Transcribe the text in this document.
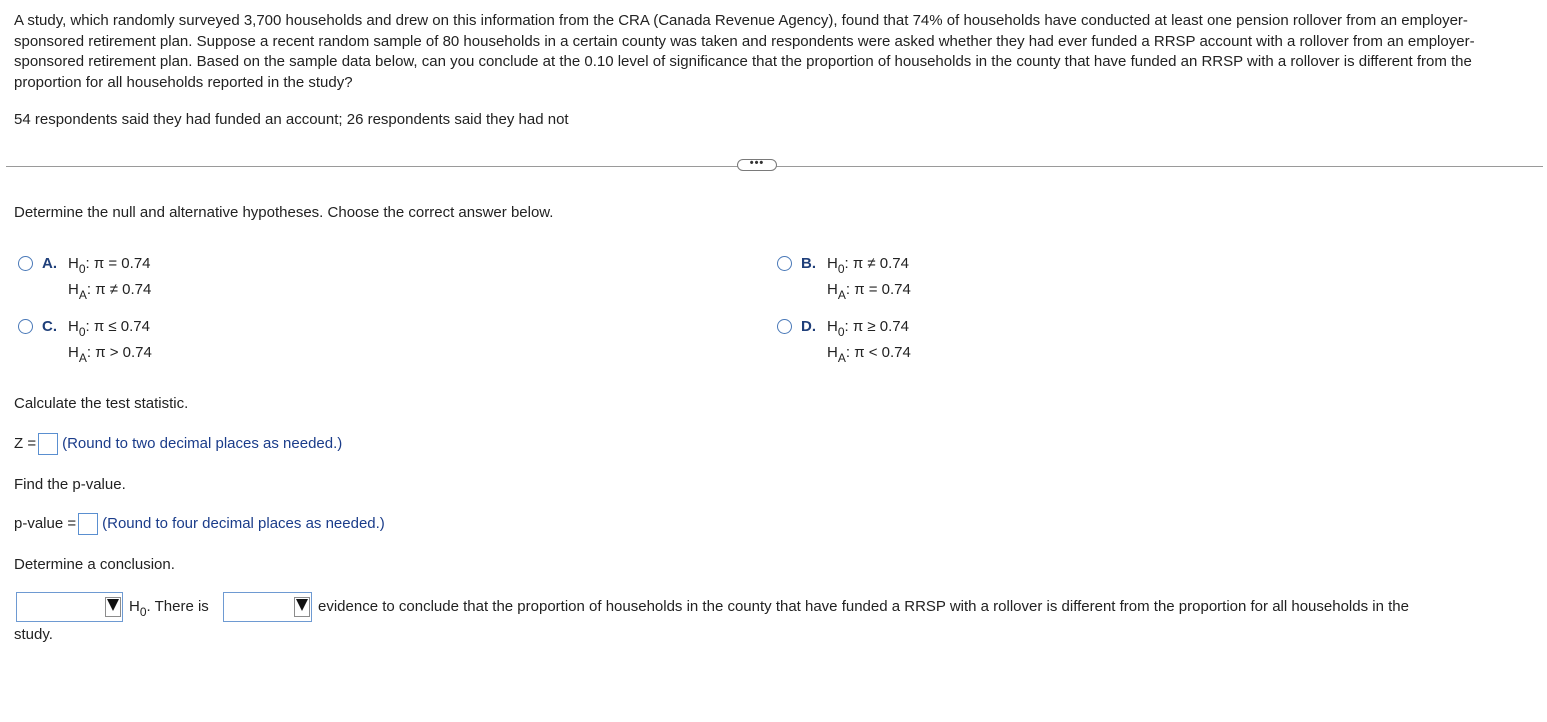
A study, which randomly surveyed 3,700 households and drew on this information from the CRA (Canada Revenue Agency), found that 74% of households have conducted at least one pension rollover from an employer-sponsored retirement plan. Suppose a recent random sample of 80 households in a certain county was taken and respondents were asked whether they had ever funded a RRSP account with a rollover from an employer-sponsored retirement plan. Based on the sample data below, can you conclude at the 0.10 level of significance that the proportion of households in the county that have funded an RRSP with a rollover is different from the proportion for all households reported in the study?
54 respondents said they had funded an account; 26 respondents said they had not
•••
Determine the null and alternative hypotheses. Choose the correct answer below.
A. $H_0$: π = 0.74
$H_A$: π ≠ 0.74
B. $H_0$: π ≠ 0.74
$H_A$: π = 0.74
C. $H_0$: π ≤ 0.74
$H_A$: π > 0.74
D. $H_0$: π ≥ 0.74
$H_A$: π < 0.74
Calculate the test statistic.
Z = (Round to two decimal places as needed.)
Find the p-value.
p-value = (Round to four decimal places as needed.)
Determine a conclusion.
$H_0$. There is	evidence to conclude that the proportion of households in the county that have funded a RRSP with a rollover is different from the proportion for all households in the
study.
